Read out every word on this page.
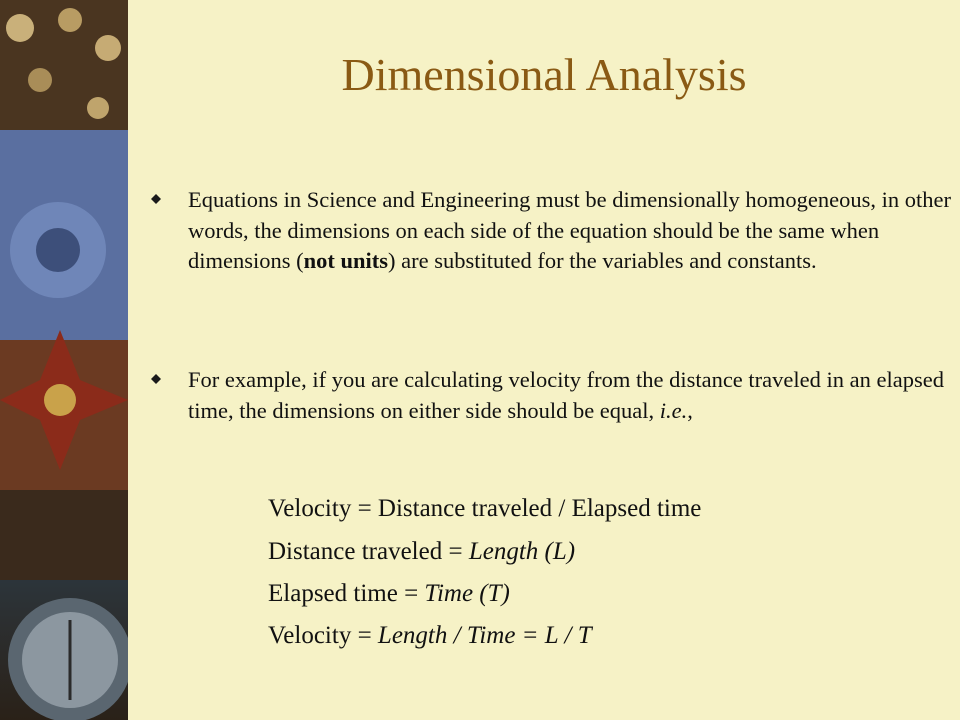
Dimensional Analysis
Equations in Science and Engineering must be dimensionally homogeneous, in other words, the dimensions on each side of the equation should be the same when dimensions (not units) are substituted for the variables and constants.
For example, if you are calculating velocity from the distance traveled in an elapsed time, the dimensions on either side should be equal, i.e.,
Velocity = Distance traveled / Elapsed time
Distance traveled = Length (L)
Elapsed time = Time (T)
Velocity = Length / Time = L / T
